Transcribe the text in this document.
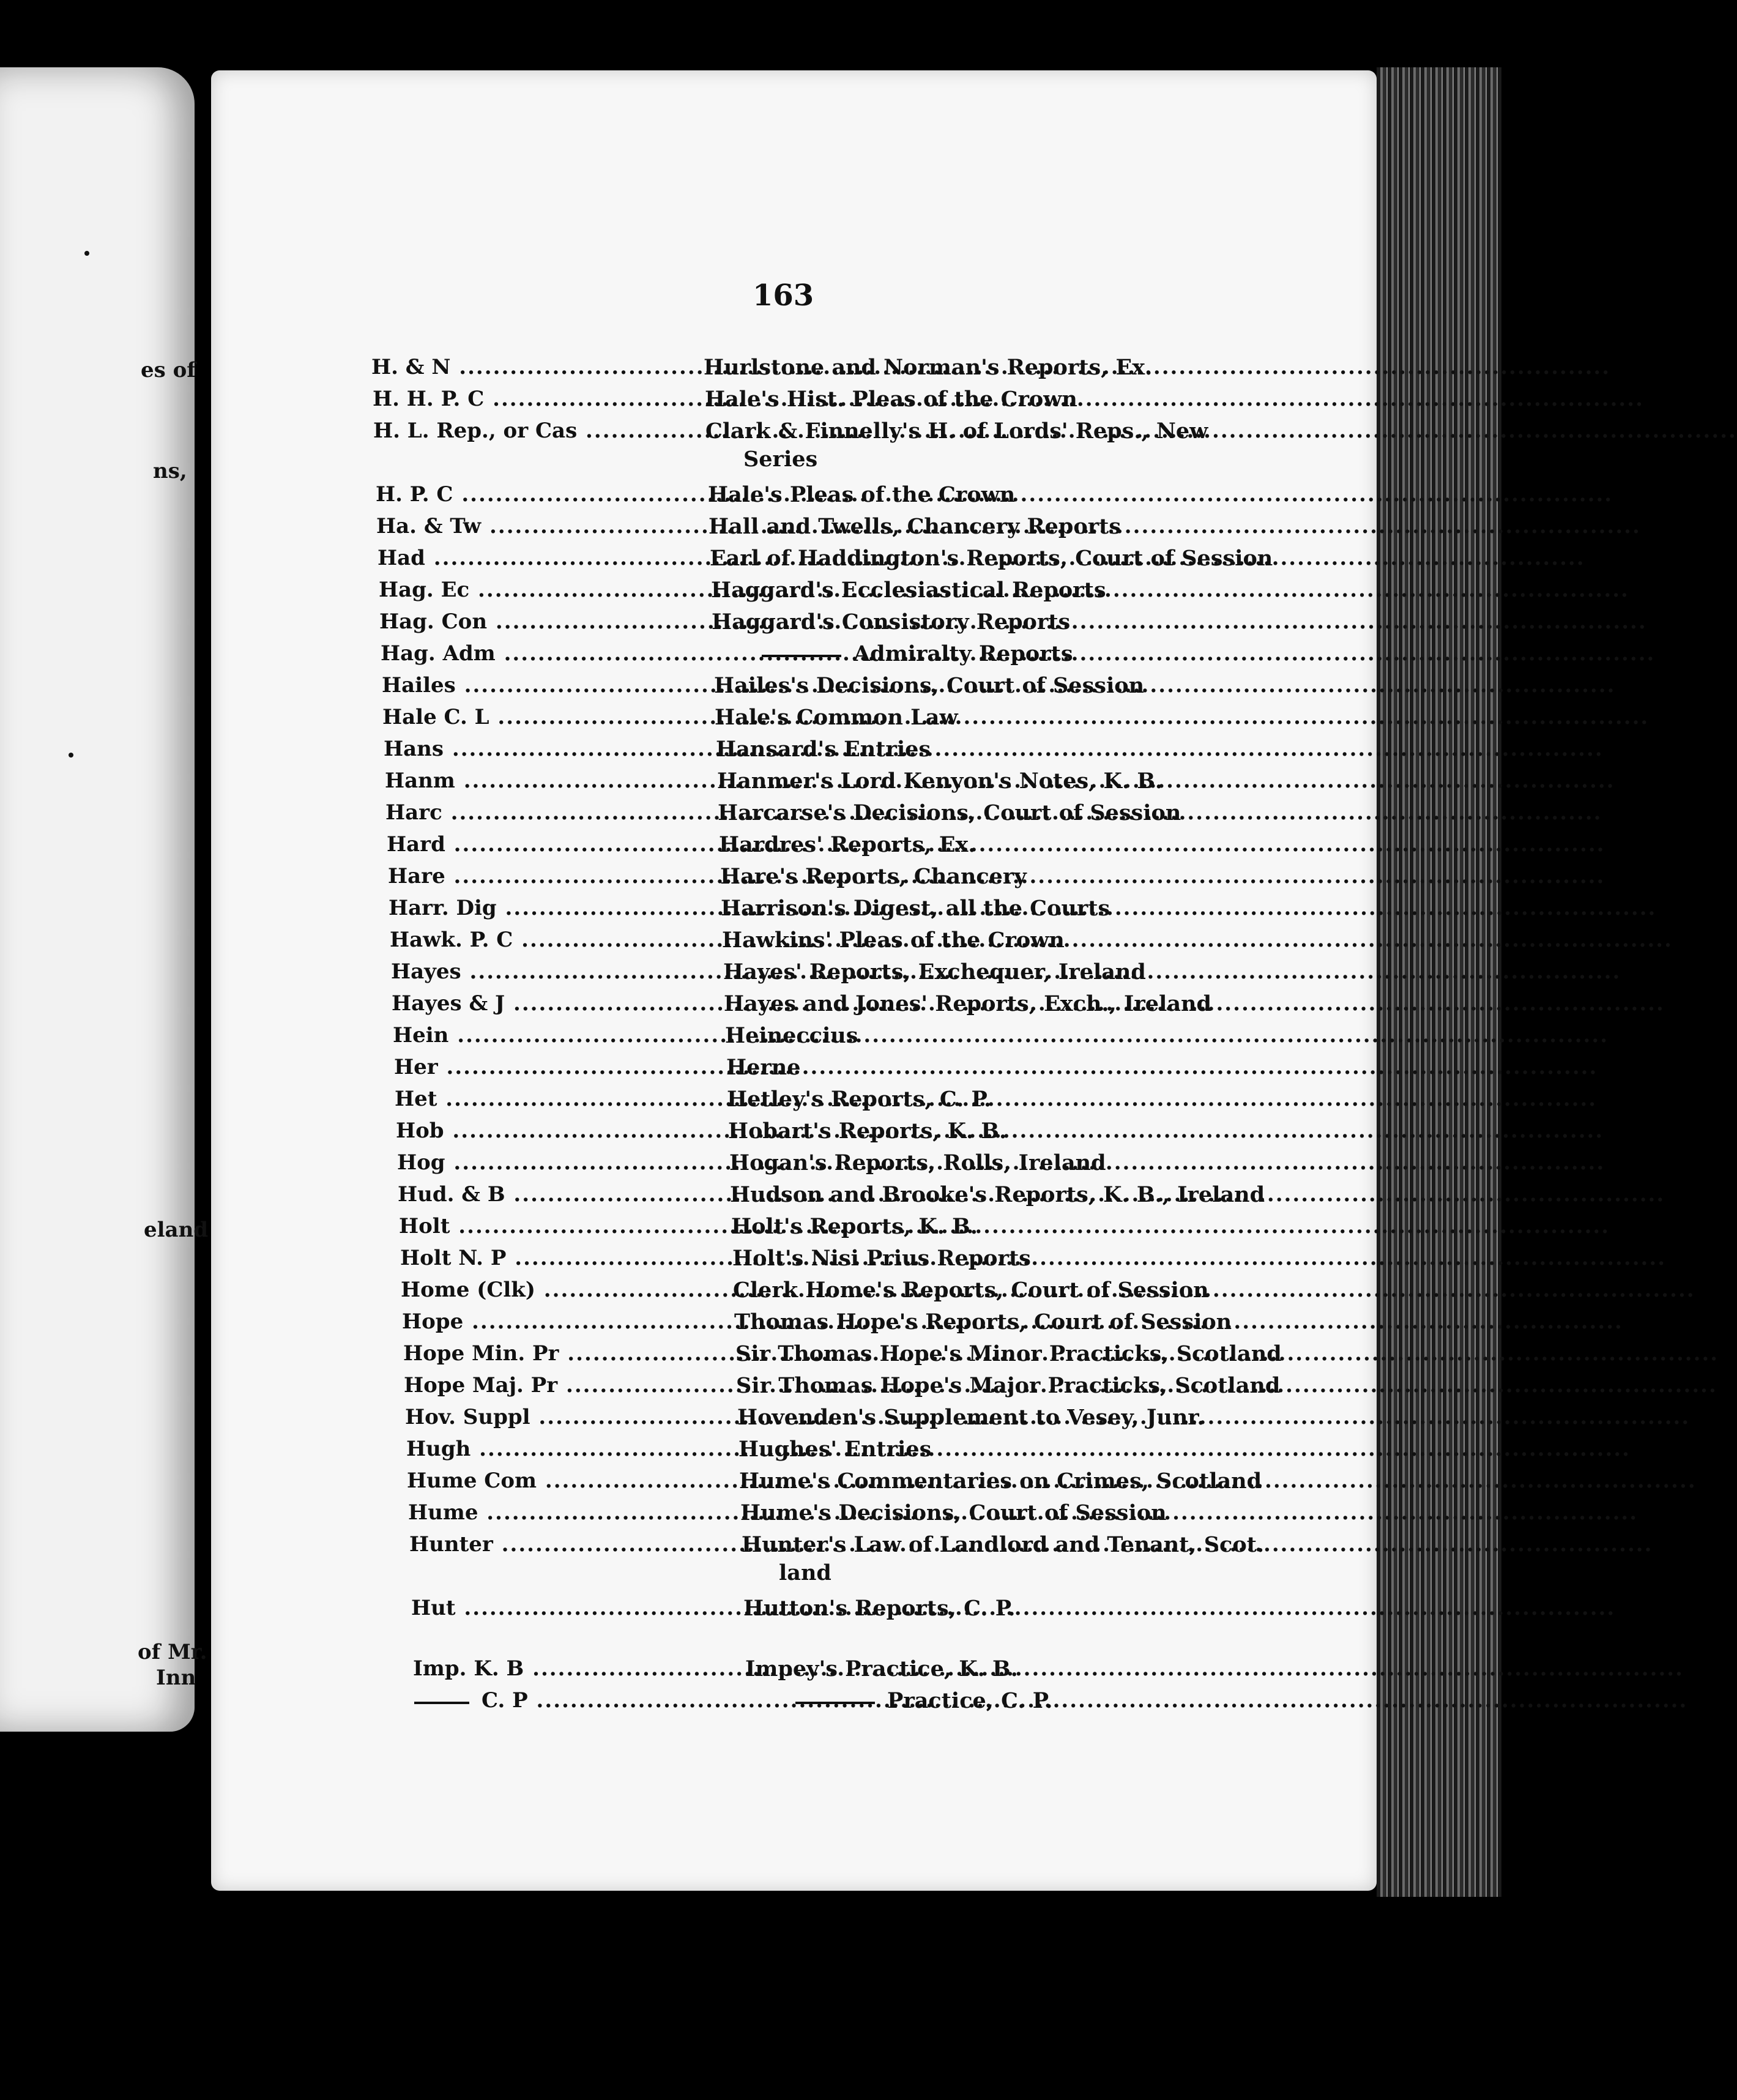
es of
ns,
eland
of Mr.
Inn
163
H. & N .....	Hurlstone and Norman's Reports, Ex.
H. H. P. C .....	Hale's Hist. Pleas of the Crown
H. L. Rep., or Cas .....	Clark & Finnelly's H. of Lords' Reps., New
Series
H. P. C .....	Hale's Pleas of the Crown
Ha. & Tw .....	Hall and Twells, Chancery Reports
Had .....	Earl of Haddington's Reports, Court of Session
Hag. Ec .....	Haggard's Ecclesiastical Reports
Hag. Con .....	Haggard's Consistory Reports
Hag. Adm .....	Admiralty Reports
Hailes .....	Hailes's Decisions, Court of Session
Hale C. L .....	Hale's Common Law
Hans .....	Hansard's Entries
Hanm .....	Hanmer's Lord Kenyon's Notes, K. B.
Harc .....	Harcarse's Decisions, Court of Session
Hard .....	Hardres' Reports, Ex.
Hare .....	Hare's Reports, Chancery
Harr. Dig .....	Harrison's Digest, all the Courts
Hawk. P. C .....	Hawkins' Pleas of the Crown
Hayes .....	Hayes' Reports, Exchequer, Ireland
Hayes & J .....	Hayes and Jones' Reports, Exch., Ireland
Hein .....	Heineccius
Her .....	Herne
Het .....	Hetley's Reports, C. P.
Hob .....	Hobart's Reports, K. B.
Hog .....	Hogan's Reports, Rolls, Ireland
Hud. & B .....	Hudson and Brooke's Reports, K. B., Ireland
Holt .....	Holt's Reports, K. B.
Holt N. P .....	Holt's Nisi Prius Reports
Home (Clk) .....	Clerk Home's Reports, Court of Session
Hope .....	Thomas Hope's Reports, Court of Session
Hope Min. Pr .....	Sir Thomas Hope's Minor Practicks, Scotland
Hope Maj. Pr .....	Sir Thomas Hope's Major Practicks, Scotland
Hov. Suppl .....	Hovenden's Supplement to Vesey, Junr.
Hugh .....	Hughes' Entries
Hume Com .....	Hume's Commentaries on Crimes, Scotland
Hume .....	Hume's Decisions, Court of Session
Hunter .....	Hunter's Law of Landlord and Tenant, Scot.
land
Hut .....	Hutton's Reports, C. P.
Imp. K. B .....	Impey's Practice, K. B.
C. P .....	Practice, C. P.
